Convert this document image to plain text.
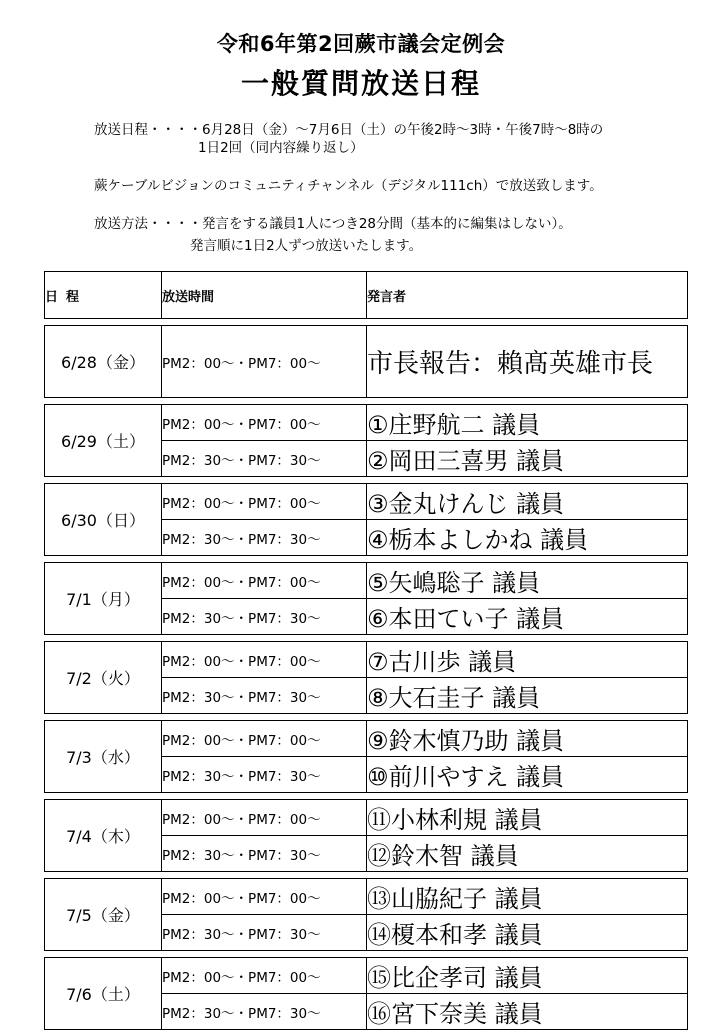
令和6年第2回蕨市議会定例会
一般質問放送日程
放送日程・・・・6月28日（金）～7月6日（土）の午後2時～3時・午後7時～8時の
1日2回（同内容繰り返し）
蕨ケーブルビジョンのコミュニティチャンネル（デジタル111ch）で放送致します。
放送方法・・・・発言をする議員1人につき28分間（基本的に編集はしない）。
発言順に1日2人ずつ放送いたします。
日程	放送時間	発言者

6/28（金）	PM2：00～・PM7：00～	市長報告：賴髙英雄市長

6/29（土）	PM2：00～・PM7：00～	①庄野航二 議員
	PM2：30～・PM7：30～	②岡田三喜男 議員

6/30（日）	PM2：00～・PM7：00～	③金丸けんじ 議員
	PM2：30～・PM7：30～	④栃本よしかね 議員

7/1（月）	PM2：00～・PM7：00～	⑤矢嶋聡子 議員
	PM2：30～・PM7：30～	⑥本田てい子 議員

7/2（火）	PM2：00～・PM7：00～	⑦古川歩 議員
	PM2：30～・PM7：30～	⑧大石圭子 議員

7/3（水）	PM2：00～・PM7：00～	⑨鈴木慎乃助 議員
	PM2：30～・PM7：30～	⑩前川やすえ 議員

7/4（木）	PM2：00～・PM7：00～	⑪小林利規 議員
	PM2：30～・PM7：30～	⑫鈴木智 議員

7/5（金）	PM2：00～・PM7：00～	⑬山脇紀子 議員
	PM2：30～・PM7：30～	⑭榎本和孝 議員

7/6（土）	PM2：00～・PM7：00～	⑮比企孝司 議員
	PM2：30～・PM7：30～	⑯宮下奈美 議員
